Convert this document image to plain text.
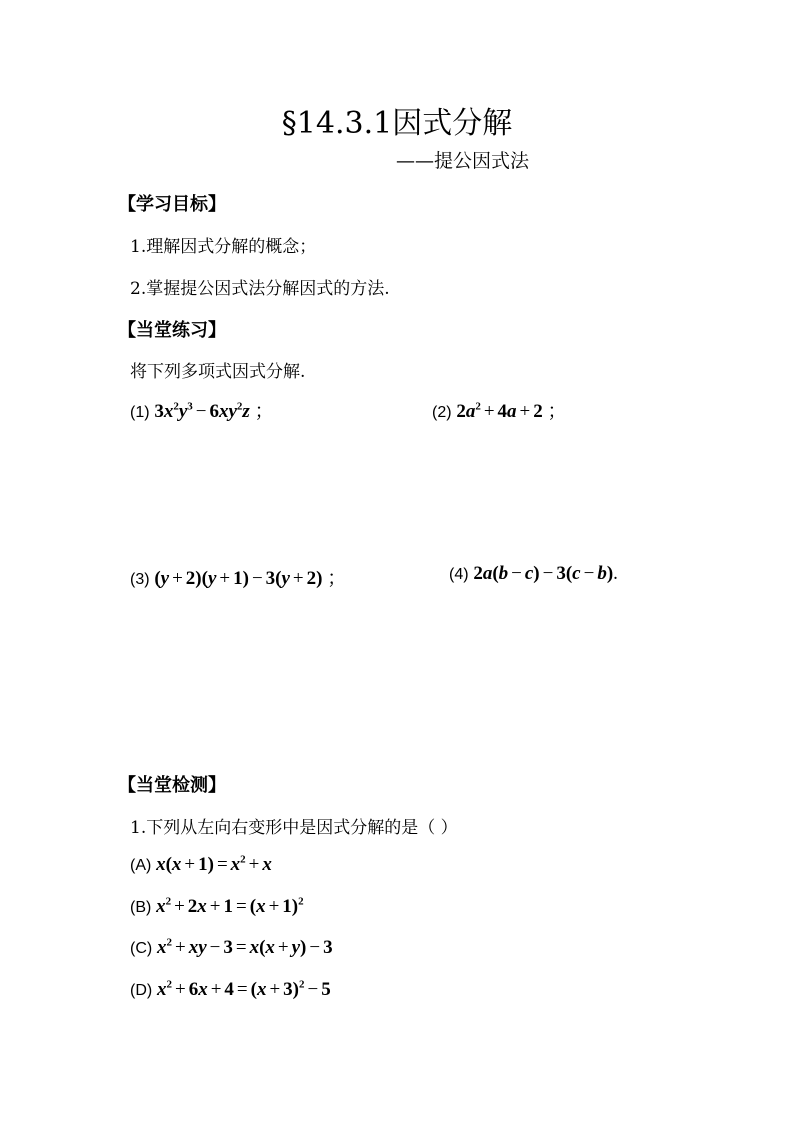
§14.3.1因式分解
——提公因式法
【学习目标】
1.理解因式分解的概念；
2.掌握提公因式法分解因式的方法.
【当堂练习】
将下列多项式因式分解.
(1) $3x^2y^3 - 6xy^2z$ ；	(2) $2a^2 + 4a + 2$ ；
(3) (y + 2)(y + 1) − 3(y + 2) ；	(4) 2a(b − c) − 3(c − b).
【当堂检测】
1.下列从左向右变形中是因式分解的是（ ）
(A) $x(x + 1) = x^2 + x$
(B) $x^2 + 2x + 1 = (x + 1)^2$
(C) $x^2$ + xy − 3 = x(x + y) − 3
(D) $x^2 + 6x + 4 = (x + 3)^2 - 5$
